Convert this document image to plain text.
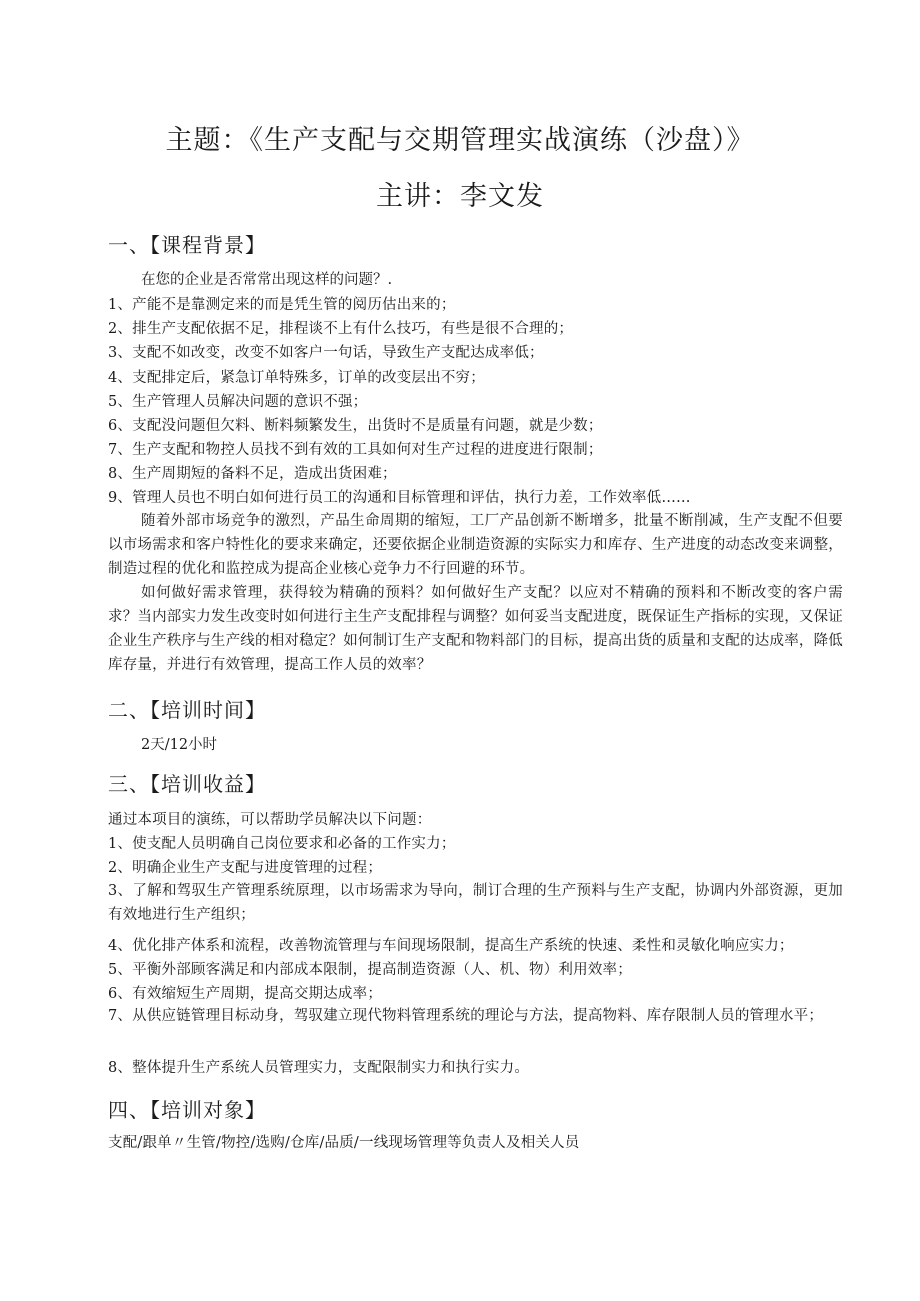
主题：《生产支配与交期管理实战演练（沙盘）》
主讲：李文发
一、【课程背景】
在您的企业是否常常出现这样的问题？.
1、产能不是靠测定来的而是凭生管的阅历估出来的；
2、排生产支配依据不足，排程谈不上有什么技巧，有些是很不合理的；
3、支配不如改变，改变不如客户一句话，导致生产支配达成率低；
4、支配排定后，紧急订单特殊多，订单的改变层出不穷；
5、生产管理人员解决问题的意识不强；
6、支配没问题但欠料、断料频繁发生，出货时不是质量有问题，就是少数；
7、生产支配和物控人员找不到有效的工具如何对生产过程的进度进行限制；
8、生产周期短的备料不足，造成出货困难；
9、管理人员也不明白如何进行员工的沟通和目标管理和评估，执行力差，工作效率低……
随着外部市场竞争的激烈，产品生命周期的缩短，工厂产品创新不断增多，批量不断削减，生产支配不但要以市场需求和客户特性化的要求来确定，还要依据企业制造资源的实际实力和库存、生产进度的动态改变来调整，制造过程的优化和监控成为提高企业核心竞争力不行回避的环节。
如何做好需求管理，获得较为精确的预料？如何做好生产支配？以应对不精确的预料和不断改变的客户需求？当内部实力发生改变时如何进行主生产支配排程与调整？如何妥当支配进度，既保证生产指标的实现，又保证企业生产秩序与生产线的相对稳定？如何制订生产支配和物料部门的目标，提高出货的质量和支配的达成率，降低库存量，并进行有效管理，提高工作人员的效率？
二、【培训时间】
2天/12小时
三、【培训收益】
通过本项目的演练，可以帮助学员解决以下问题：
1、使支配人员明确自己岗位要求和必备的工作实力；
2、明确企业生产支配与进度管理的过程；
3、了解和驾驭生产管理系统原理，以市场需求为导向，制订合理的生产预料与生产支配，协调内外部资源，更加有效地进行生产组织；
4、优化排产体系和流程，改善物流管理与车间现场限制，提高生产系统的快速、柔性和灵敏化响应实力；
5、平衡外部顾客满足和内部成本限制，提高制造资源（人、机、物）利用效率；
6、有效缩短生产周期，提高交期达成率；
7、从供应链管理目标动身，驾驭建立现代物料管理系统的理论与方法，提高物料、库存限制人员的管理水平；
8、整体提升生产系统人员管理实力，支配限制实力和执行实力。
四、【培训对象】
支配/跟单〃生管/物控/选购/仓库/品质/一线现场管理等负责人及相关人员
